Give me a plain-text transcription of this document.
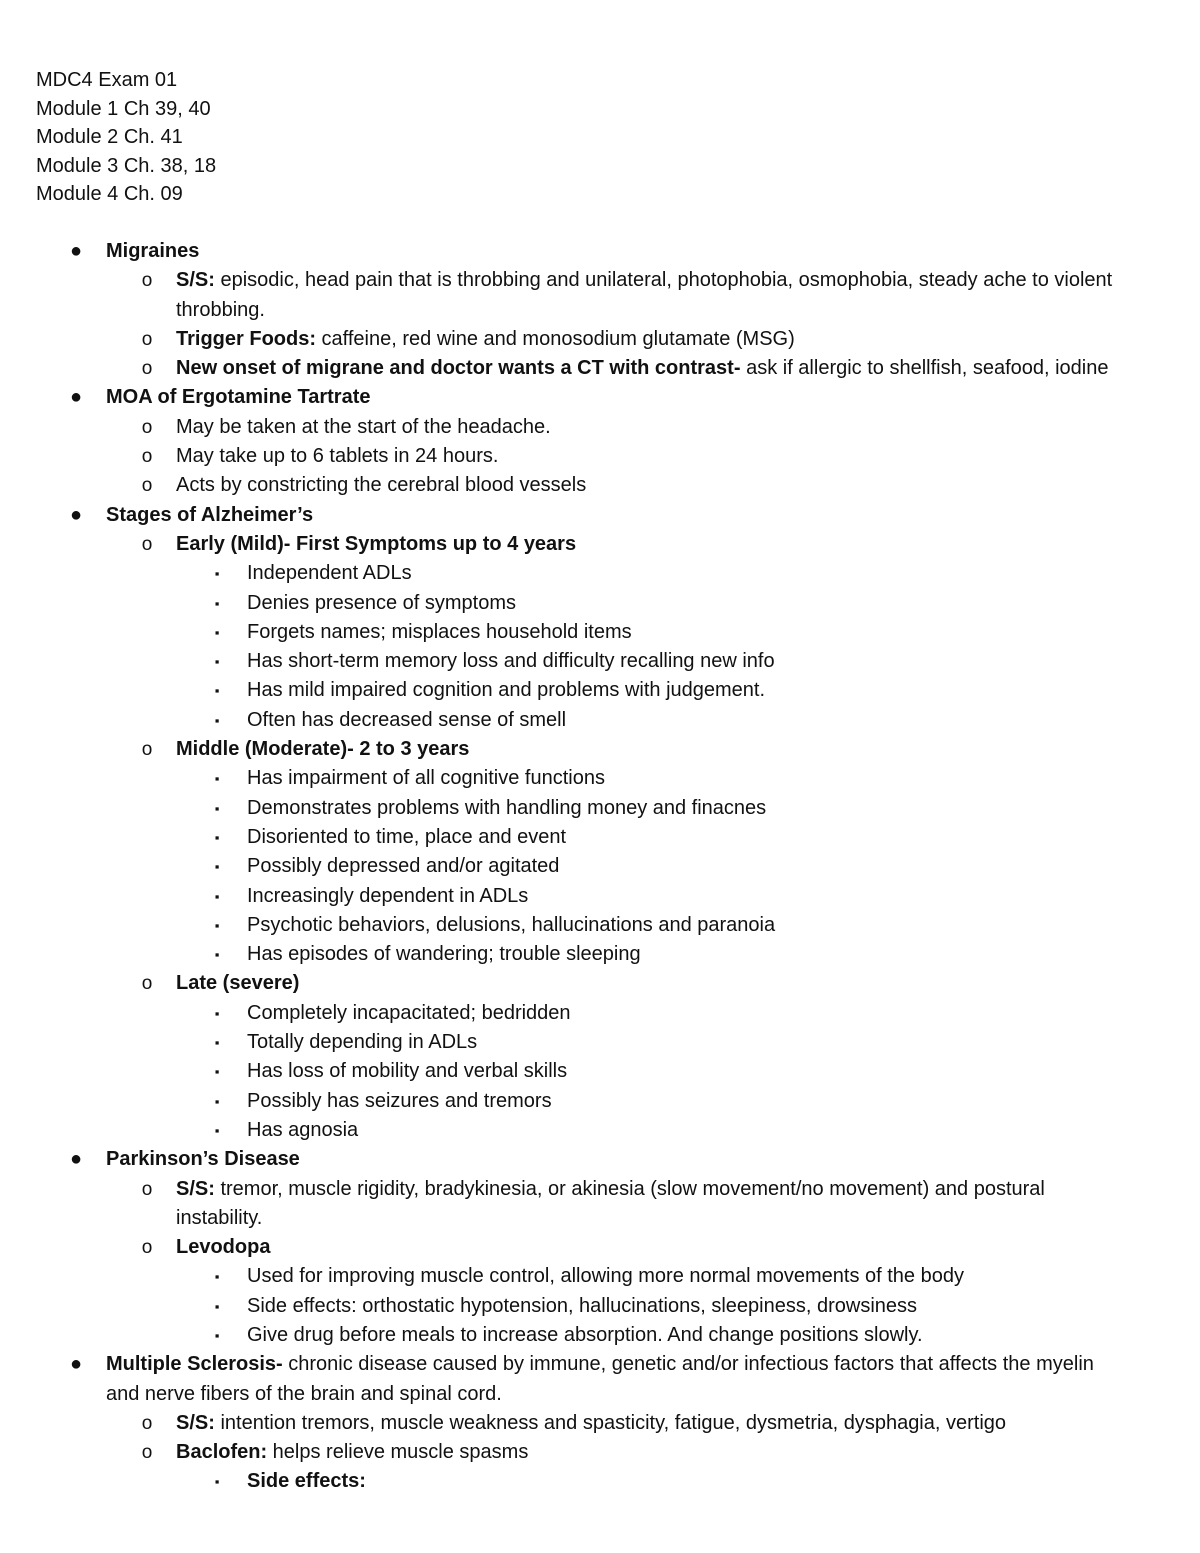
MDC4 Exam 01
Module 1 Ch 39, 40
Module 2 Ch. 41
Module 3 Ch. 38, 18
Module 4 Ch. 09
● Migraines
o S/S: episodic, head pain that is throbbing and unilateral, photophobia, osmophobia, steady ache to violent throbbing.
o Trigger Foods: caffeine, red wine and monosodium glutamate (MSG)
o New onset of migrane and doctor wants a CT with contrast- ask if allergic to shellfish, seafood, iodine
● MOA of Ergotamine Tartrate
o May be taken at the start of the headache.
o May take up to 6 tablets in 24 hours.
o Acts by constricting the cerebral blood vessels
● Stages of Alzheimer’s
o Early (Mild)- First Symptoms up to 4 years
▪	Independent ADLs
▪	Denies presence of symptoms
▪	Forgets names; misplaces household items
▪	Has short-term memory loss and difficulty recalling new info
▪	Has mild impaired cognition and problems with judgement.
▪	Often has decreased sense of smell
o Middle (Moderate)- 2 to 3 years
▪	Has impairment of all cognitive functions
▪	Demonstrates problems with handling money and finacnes
▪	Disoriented to time, place and event
▪	Possibly depressed and/or agitated
▪	Increasingly dependent in ADLs
▪	Psychotic behaviors, delusions, hallucinations and paranoia
▪	Has episodes of wandering; trouble sleeping
o Late (severe)
▪	Completely incapacitated; bedridden
▪	Totally depending in ADLs
▪	Has loss of mobility and verbal skills
▪	Possibly has seizures and tremors
▪	Has agnosia
● Parkinson’s Disease
o S/S: tremor, muscle rigidity, bradykinesia, or akinesia (slow movement/no movement) and postural instability.
o Levodopa
▪	Used for improving muscle control, allowing more normal movements of the body
▪	Side effects: orthostatic hypotension, hallucinations, sleepiness, drowsiness
▪	Give drug before meals to increase absorption. And change positions slowly.
● Multiple Sclerosis- chronic disease caused by immune, genetic and/or infectious factors that affects the myelin and nerve fibers of the brain and spinal cord.
o S/S: intention tremors, muscle weakness and spasticity, fatigue, dysmetria, dysphagia, vertigo
o Baclofen: helps relieve muscle spasms
▪	Side effects:
